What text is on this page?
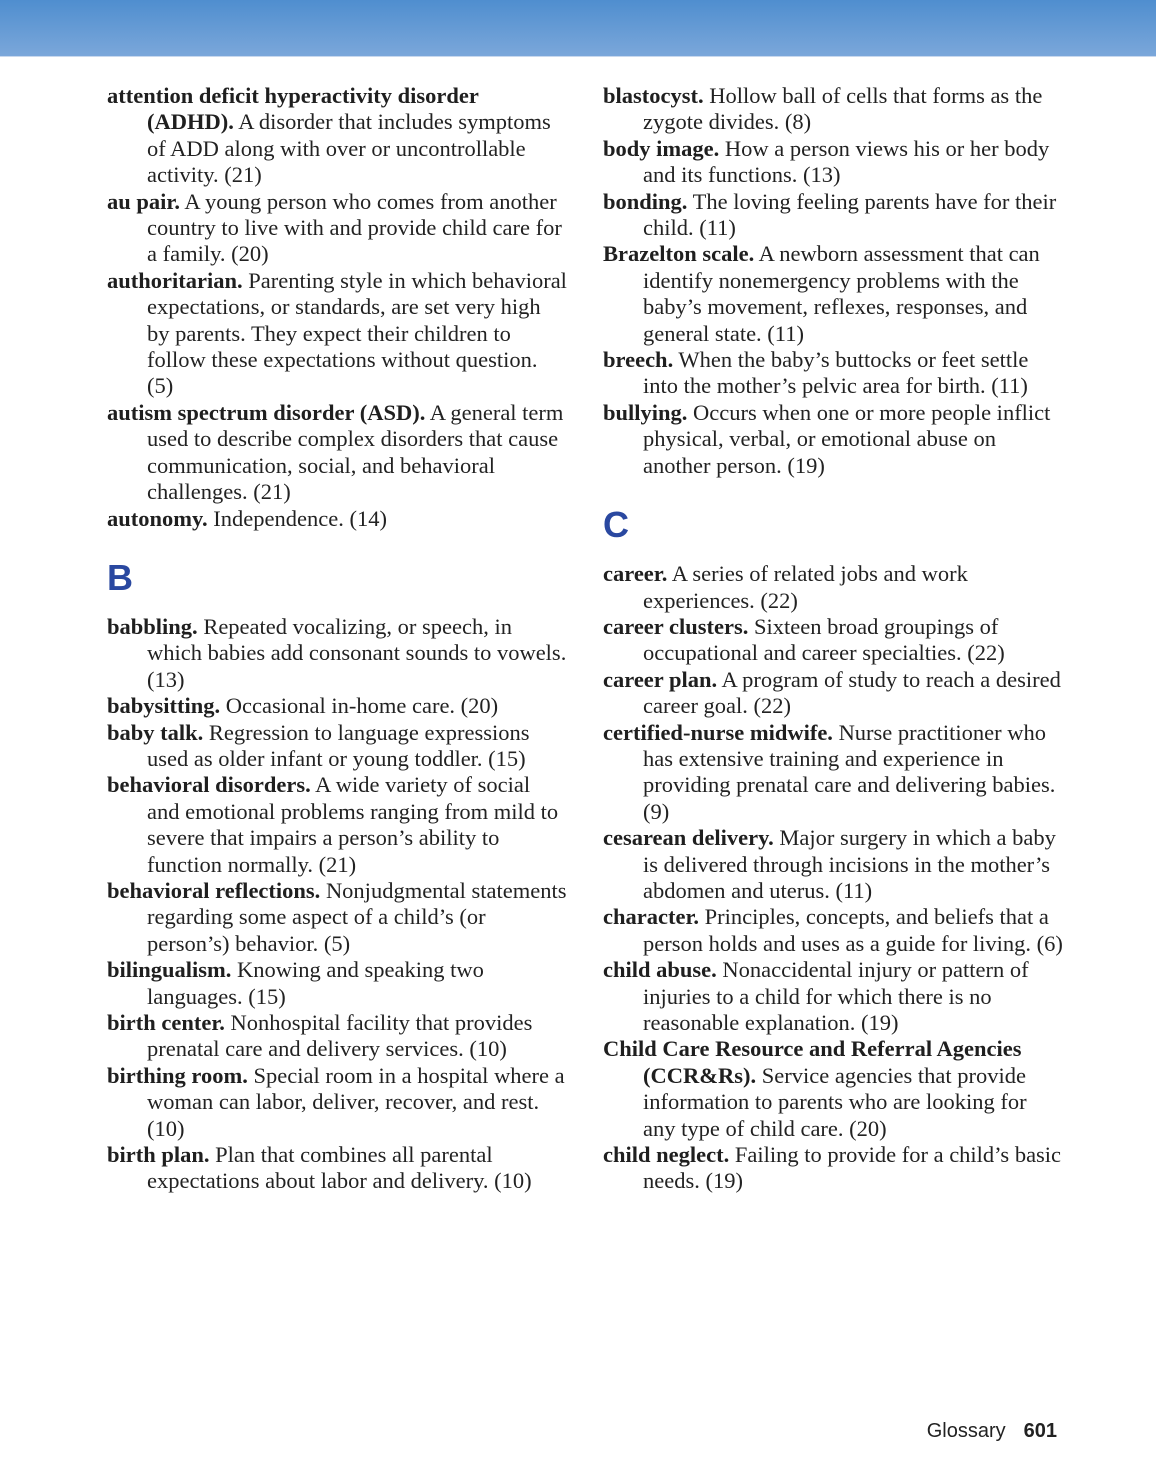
attention deficit hyperactivity disorder (ADHD). A disorder that includes symptoms of ADD along with over or uncontrollable activity. (21)
au pair. A young person who comes from another country to live with and provide child care for a family. (20)
authoritarian. Parenting style in which behavioral expectations, or standards, are set very high by parents. They expect their children to follow these expectations without question. (5)
autism spectrum disorder (ASD). A general term used to describe complex disorders that cause communication, social, and behavioral challenges. (21)
autonomy. Independence. (14)
B
babbling. Repeated vocalizing, or speech, in which babies add consonant sounds to vowels. (13)
babysitting. Occasional in-home care. (20)
baby talk. Regression to language expressions used as older infant or young toddler. (15)
behavioral disorders. A wide variety of social and emotional problems ranging from mild to severe that impairs a person’s ability to function normally. (21)
behavioral reflections. Nonjudgmental statements regarding some aspect of a child’s (or person’s) behavior. (5)
bilingualism. Knowing and speaking two languages. (15)
birth center. Nonhospital facility that provides prenatal care and delivery services. (10)
birthing room. Special room in a hospital where a woman can labor, deliver, recover, and rest. (10)
birth plan. Plan that combines all parental expectations about labor and delivery. (10)
blastocyst. Hollow ball of cells that forms as the zygote divides. (8)
body image. How a person views his or her body and its functions. (13)
bonding. The loving feeling parents have for their child. (11)
Brazelton scale. A newborn assessment that can identify nonemergency problems with the baby’s movement, reflexes, responses, and general state. (11)
breech. When the baby’s buttocks or feet settle into the mother’s pelvic area for birth. (11)
bullying. Occurs when one or more people inflict physical, verbal, or emotional abuse on another person. (19)
C
career. A series of related jobs and work experiences. (22)
career clusters. Sixteen broad groupings of occupational and career specialties. (22)
career plan. A program of study to reach a desired career goal. (22)
certified-nurse midwife. Nurse practitioner who has extensive training and experience in providing prenatal care and delivering babies. (9)
cesarean delivery. Major surgery in which a baby is delivered through incisions in the mother’s abdomen and uterus. (11)
character. Principles, concepts, and beliefs that a person holds and uses as a guide for living. (6)
child abuse. Nonaccidental injury or pattern of injuries to a child for which there is no reasonable explanation. (19)
Child Care Resource and Referral Agencies (CCR&Rs). Service agencies that provide information to parents who are looking for any type of child care. (20)
child neglect. Failing to provide for a child’s basic needs. (19)
Glossary 601
